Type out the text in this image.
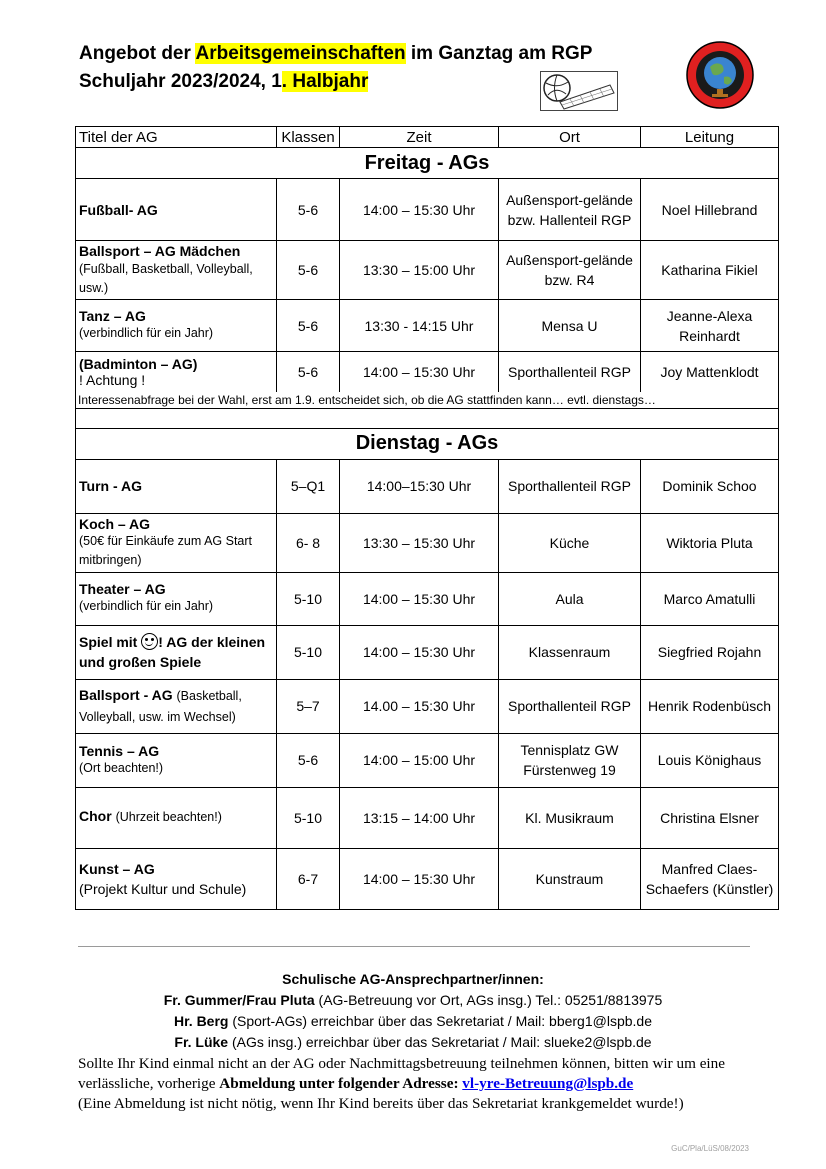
Angebot der Arbeitsgemeinschaften im Ganztag am RGP
Schuljahr 2023/2024, 1. Halbjahr
Titel der AG	Klassen	Zeit	Ort	Leitung
Freitag - AGs				
Fußball- AG	5-6	14:00 – 15:30 Uhr	Außensport-gelände bzw. Hallenteil RGP	Noel Hillebrand

Ballsport – AG Mädchen
(Fußball, Basketball, Volleyball, usw.)	5-6	13:30 – 15:00 Uhr	Außensport-gelände bzw. R4	Katharina Fikiel

Tanz – AG
(verbindlich für ein Jahr)	5-6	13:30 - 14:15 Uhr	Mensa U	Jeanne-Alexa Reinhardt

(Badminton – AG)
! Achtung !	5-6	14:00 – 15:30 Uhr	Sporthallenteil RGP	Joy Mattenklodt
Interessenabfrage bei der Wahl, erst am 1.9. entscheidet sich, ob die AG stattfinden kann… evtl. dienstags…				

Dienstag - AGs				
Turn - AG	5–Q1	14:00–15:30 Uhr	Sporthallenteil RGP	Dominik Schoo

Koch – AG
(50€ für Einkäufe zum AG Start mitbringen)	6- 8	13:30 – 15:30 Uhr	Küche	Wiktoria Pluta

Theater – AG
(verbindlich für ein Jahr)	5-10	14:00 – 15:30 Uhr	Aula	Marco Amatulli
Spiel mit
! AG der kleinen und großen Spiele	5-10	14:00 – 15:30 Uhr	Klassenraum	Siegfried Rojahn
Ballsport - AG (Basketball, Volleyball, usw. im Wechsel)	5–7	14.00 – 15:30 Uhr	Sporthallenteil RGP	Henrik Rodenbüsch

Tennis – AG
(Ort beachten!)	5-6	14:00 – 15:00 Uhr	Tennisplatz GW Fürstenweg 19	Louis Könighaus
Chor (Uhrzeit beachten!)	5-10	13:15 – 14:00 Uhr	Kl. Musikraum	Christina Elsner

Kunst – AG
(Projekt Kultur und Schule)	6-7	14:00 – 15:30 Uhr	Kunstraum	Manfred Claes-Schaefers (Künstler)
Schulische AG-Ansprechpartner/innen:
Fr. Gummer/Frau Pluta (AG-Betreuung vor Ort, AGs insg.) Tel.: 05251/8813975
Hr. Berg (Sport-AGs) erreichbar über das Sekretariat / Mail: bberg1@lspb.de
Fr. Lüke (AGs insg.) erreichbar über das Sekretariat / Mail: slueke2@lspb.de
Sollte Ihr Kind einmal nicht an der AG oder Nachmittagsbetreuung teilnehmen können, bitten wir um eine verlässliche, vorherige Abmeldung unter folgender Adresse: vl-yre-Betreuung@lspb.de
(Eine Abmeldung ist nicht nötig, wenn Ihr Kind bereits über das Sekretariat krankgemeldet wurde!)
GuC/Pla/LüS/08/2023
